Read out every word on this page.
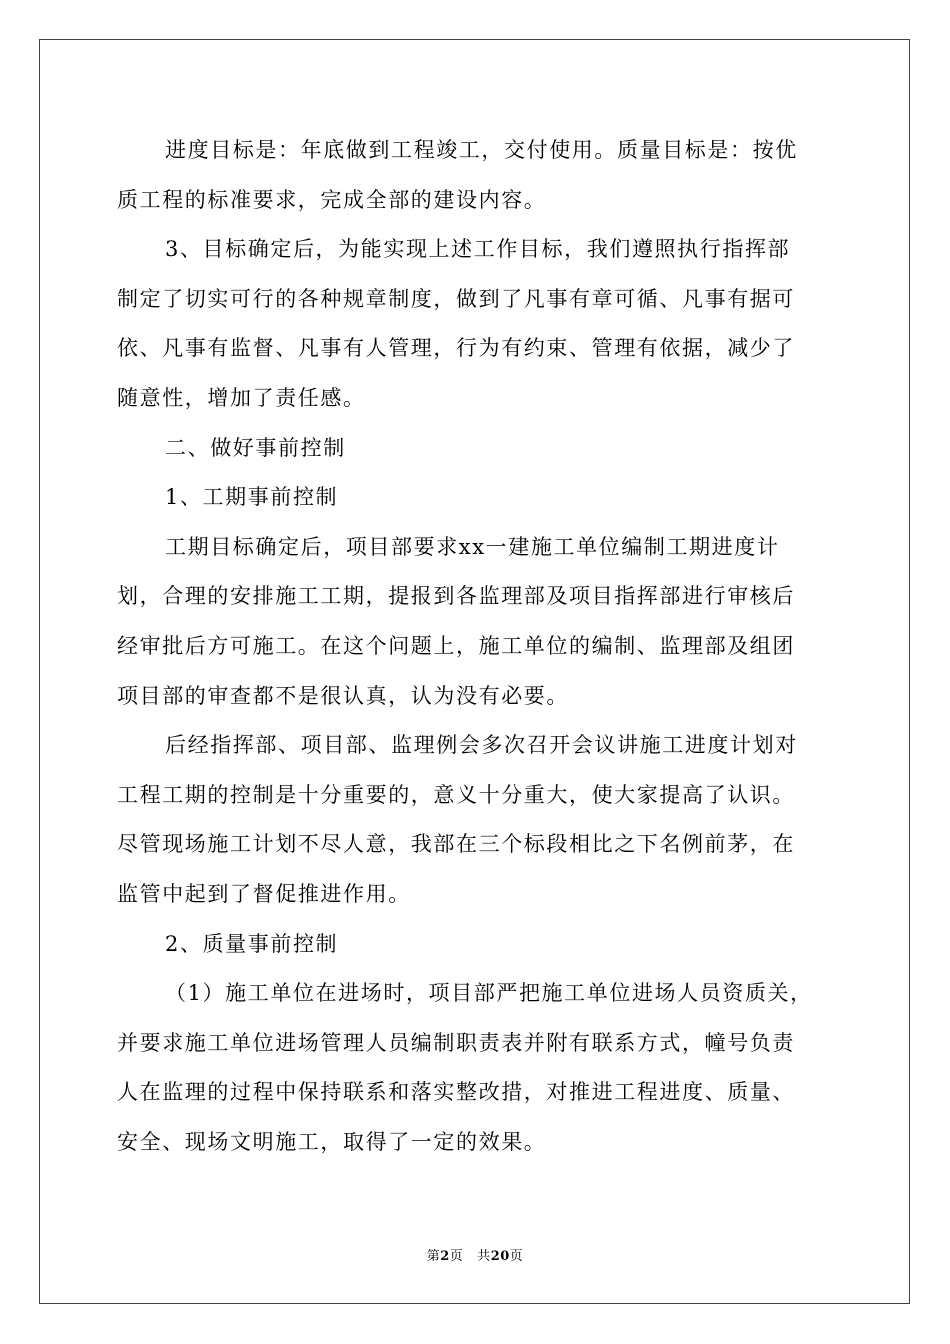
进度目标是：年底做到工程竣工，交付使用。质量目标是：按优
质工程的标准要求，完成全部的建设内容。
3、目标确定后，为能实现上述工作目标，我们遵照执行指挥部
制定了切实可行的各种规章制度，做到了凡事有章可循、凡事有据可
依、凡事有监督、凡事有人管理，行为有约束、管理有依据，减少了
随意性，增加了责任感。
二、做好事前控制
1、工期事前控制
工期目标确定后，项目部要求xx一建施工单位编制工期进度计
划，合理的安排施工工期，提报到各监理部及项目指挥部进行审核后
经审批后方可施工。在这个问题上，施工单位的编制、监理部及组团
项目部的审查都不是很认真，认为没有必要。
后经指挥部、项目部、监理例会多次召开会议讲施工进度计划对
工程工期的控制是十分重要的，意义十分重大，使大家提高了认识。
尽管现场施工计划不尽人意，我部在三个标段相比之下名例前茅，在
监管中起到了督促推进作用。
2、质量事前控制
（1）施工单位在进场时，项目部严把施工单位进场人员资质关，
并要求施工单位进场管理人员编制职责表并附有联系方式，幢号负责
人在监理的过程中保持联系和落实整改措，对推进工程进度、质量、
安全、现场文明施工，取得了一定的效果。
第2页 共20页
